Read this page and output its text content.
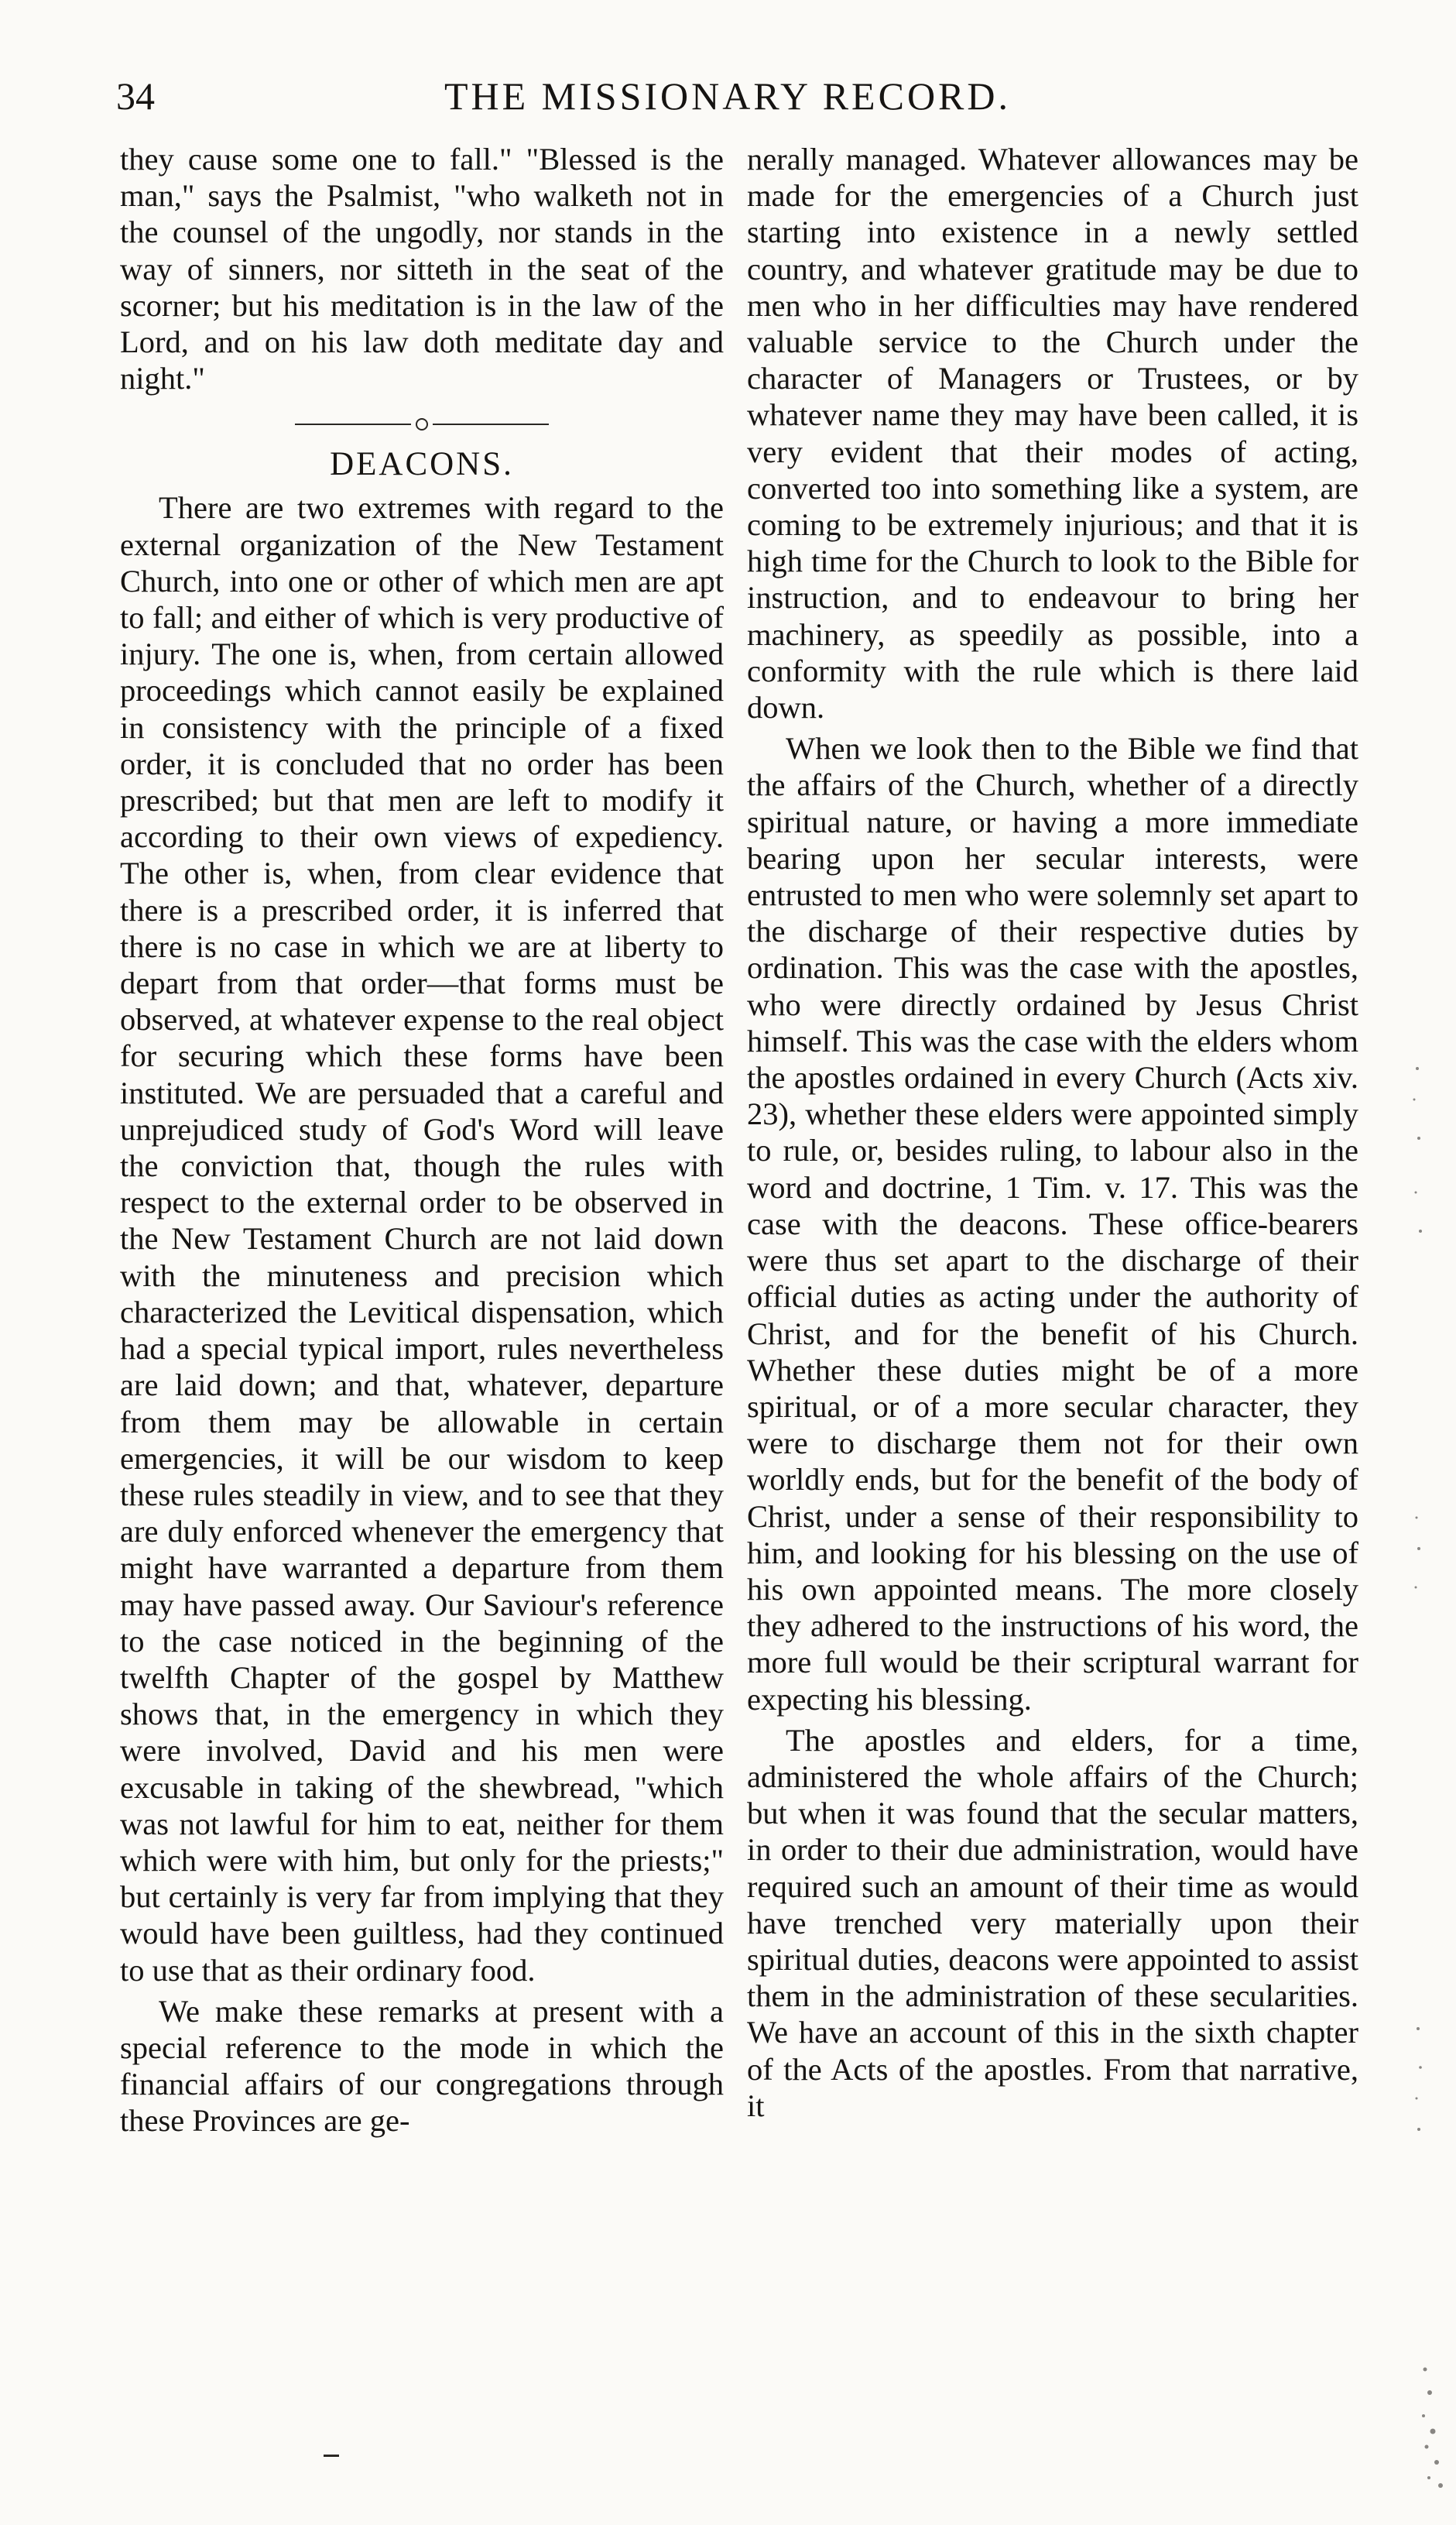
34	THE MISSIONARY RECORD.

they cause some one to fall." "Blessed is the man," says the Psalmist, "who walketh not in the counsel of the ungodly, nor stands in the way of sinners, nor sitteth in the seat of the scorner; but his meditation is in the law of the Lord, and on his law doth meditate day and night."

DEACONS.

There are two extremes with regard to the external organization of the New Testament Church, into one or other of which men are apt to fall; and either of which is very productive of injury. The one is, when, from certain allowed proceedings which cannot easily be explained in consistency with the principle of a fixed order, it is concluded that no order has been prescribed; but that men are left to modify it according to their own views of expediency. The other is, when, from clear evidence that there is a prescribed order, it is inferred that there is no case in which we are at liberty to depart from that order—that forms must be observed, at whatever expense to the real object for securing which these forms have been instituted. We are persuaded that a careful and unprejudiced study of God's Word will leave the conviction that, though the rules with respect to the external order to be observed in the New Testament Church are not laid down with the minuteness and precision which characterized the Levitical dispensation, which had a special typical import, rules nevertheless are laid down; and that, whatever, departure from them may be allowable in certain emergencies, it will be our wisdom to keep these rules steadily in view, and to see that they are duly enforced whenever the emergency that might have warranted a departure from them may have passed away. Our Saviour's reference to the case noticed in the beginning of the twelfth Chapter of the gospel by Matthew shows that, in the emergency in which they were involved, David and his men were excusable in taking of the shewbread, "which was not lawful for him to eat, neither for them which were with him, but only for the priests;" but certainly is very far from implying that they would have been guiltless, had they continued to use that as their ordinary food.

We make these remarks at present with a special reference to the mode in which the financial affairs of our congregations through these Provinces are ge-

nerally managed. Whatever allowances may be made for the emergencies of a Church just starting into existence in a newly settled country, and whatever gratitude may be due to men who in her difficulties may have rendered valuable service to the Church under the character of Managers or Trustees, or by whatever name they may have been called, it is very evident that their modes of acting, converted too into something like a system, are coming to be extremely injurious; and that it is high time for the Church to look to the Bible for instruction, and to endeavour to bring her machinery, as speedily as possible, into a conformity with the rule which is there laid down.

When we look then to the Bible we find that the affairs of the Church, whether of a directly spiritual nature, or having a more immediate bearing upon her secular interests, were entrusted to men who were solemnly set apart to the discharge of their respective duties by ordination. This was the case with the apostles, who were directly ordained by Jesus Christ himself. This was the case with the elders whom the apostles ordained in every Church (Acts xiv. 23), whether these elders were appointed simply to rule, or, besides ruling, to labour also in the word and doctrine, 1 Tim. v. 17. This was the case with the deacons. These office-bearers were thus set apart to the discharge of their official duties as acting under the authority of Christ, and for the benefit of his Church. Whether these duties might be of a more spiritual, or of a more secular character, they were to discharge them not for their own worldly ends, but for the benefit of the body of Christ, under a sense of their responsibility to him, and looking for his blessing on the use of his own appointed means. The more closely they adhered to the instructions of his word, the more full would be their scriptural warrant for expecting his blessing.

The apostles and elders, for a time, administered the whole affairs of the Church; but when it was found that the secular matters, in order to their due administration, would have required such an amount of their time as would have trenched very materially upon their spiritual duties, deacons were appointed to assist them in the administration of these secularities. We have an account of this in the sixth chapter of the Acts of the apostles. From that narrative, it
